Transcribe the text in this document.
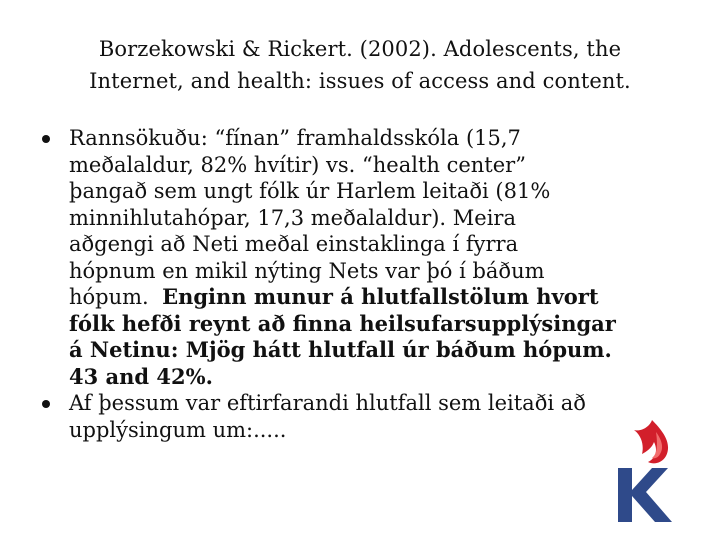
Borzekowski & Rickert. (2002). Adolescents, the
Internet, and health: issues of access and content.
Rannsökuðu: “fínan” framhaldsskóla (15,7
meðalaldur, 82% hvítir) vs. “health center”
þangað sem ungt fólk úr Harlem leitaði (81%
minnihlutahópar, 17,3 meðalaldur). Meira
aðgengi að Neti meðal einstaklinga í fyrra
hópnum en mikil nýting Nets var þó í báðum
hópum.  Enginn munur á hlutfallstölum hvort
fólk hefði reynt að finna heilsufarsupplýsingar
á Netinu: Mjög hátt hlutfall úr báðum hópum.
43 and 42%.
Af þessum var eftirfarandi hlutfall sem leitaði að
upplýsingum um:.....
